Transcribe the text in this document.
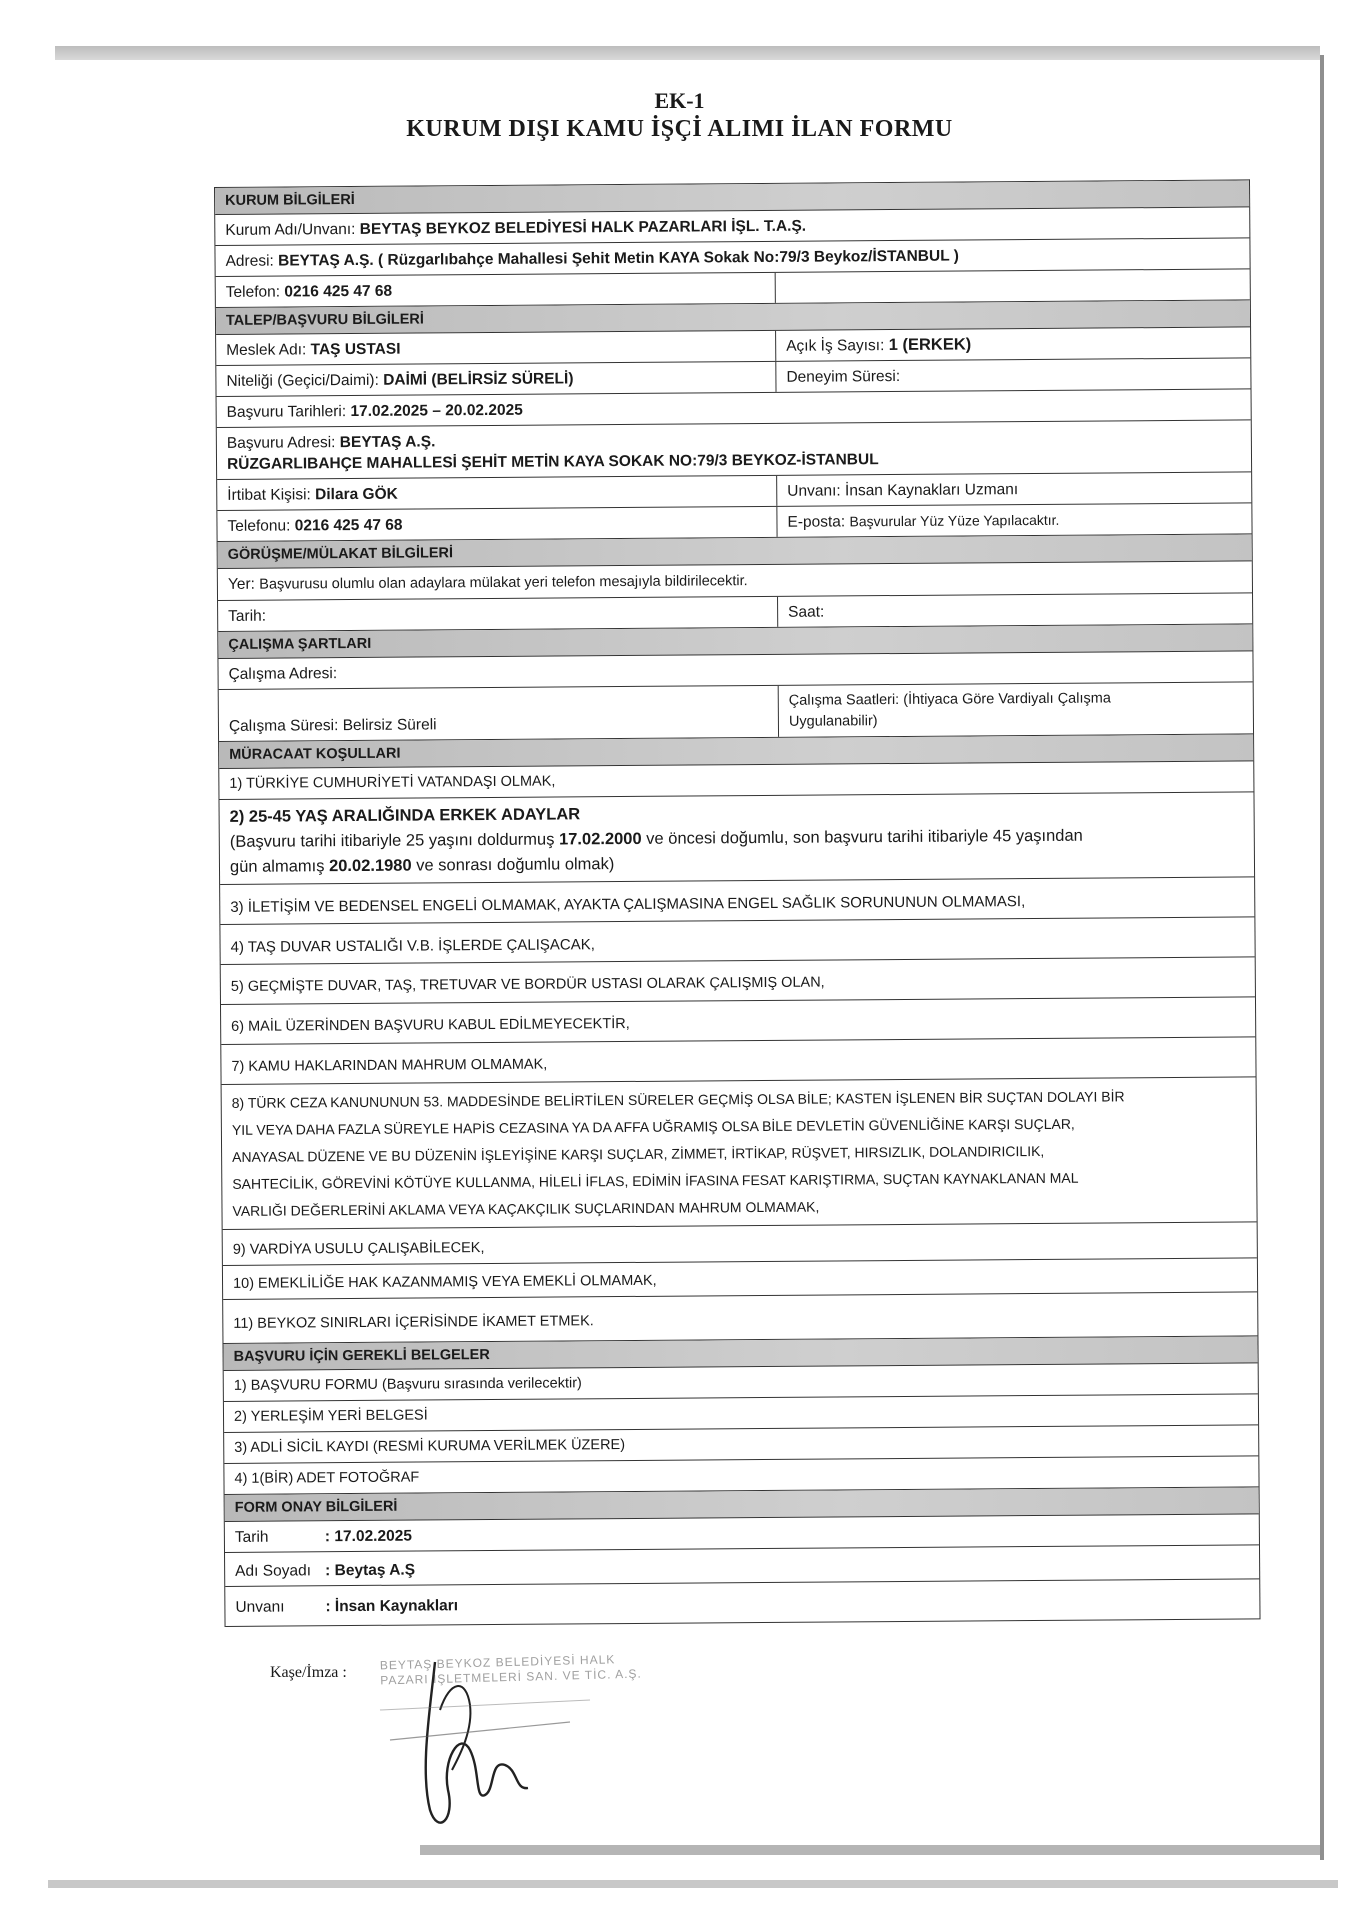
EK-1
KURUM DIŞI KAMU İŞÇİ ALIMI İLAN FORMU
KURUM BİLGİLERİ
Kurum Adı/Unvanı: BEYTAŞ BEYKOZ BELEDİYESİ HALK PAZARLARI İŞL. T.A.Ş.
Adresi: BEYTAŞ A.Ş. ( Rüzgarlıbahçe Mahallesi Şehit Metin KAYA Sokak No:79/3 Beykoz/İSTANBUL )
Telefon: 0216 425 47 68
TALEP/BAŞVURU BİLGİLERİ
Meslek Adı: TAŞ USTASI	Açık İş Sayısı: 1 (ERKEK)
Niteliği (Geçici/Daimi): DAİMİ (BELİRSİZ SÜRELİ)	Deneyim Süresi:
Başvuru Tarihleri: 17.02.2025 – 20.02.2025
Başvuru Adresi: BEYTAŞ A.Ş.
RÜZGARLIBAHÇE MAHALLESİ ŞEHİT METİN KAYA SOKAK NO:79/3 BEYKOZ-İSTANBUL
İrtibat Kişisi: Dilara GÖK	Unvanı: İnsan Kaynakları Uzmanı
Telefonu: 0216 425 47 68	E-posta: Başvurular Yüz Yüze Yapılacaktır.
GÖRÜŞME/MÜLAKAT BİLGİLERİ
Yer: Başvurusu olumlu olan adaylara mülakat yeri telefon mesajıyla bildirilecektir.
Tarih:	Saat:
ÇALIŞMA ŞARTLARI
Çalışma Adresi:
Çalışma Süresi: Belirsiz Süreli
Çalışma Saatleri: (İhtiyaca Göre Vardiyalı Çalışma
Uygulanabilir)
MÜRACAAT KOŞULLARI
1) TÜRKİYE CUMHURİYETİ VATANDAŞI OLMAK,
2) 25-45 YAŞ ARALIĞINDA ERKEK ADAYLAR
(Başvuru tarihi itibariyle 25 yaşını doldurmuş 17.02.2000 ve öncesi doğumlu, son başvuru tarihi itibariyle 45 yaşından
gün almamış 20.02.1980 ve sonrası doğumlu olmak)
3) İLETİŞİM VE BEDENSEL ENGELİ OLMAMAK, AYAKTA ÇALIŞMASINA ENGEL SAĞLIK SORUNUNUN OLMAMASI,
4) TAŞ DUVAR USTALIĞI V.B. İŞLERDE ÇALIŞACAK,
5) GEÇMİŞTE DUVAR, TAŞ, TRETUVAR VE BORDÜR USTASI OLARAK ÇALIŞMIŞ OLAN,
6) MAİL ÜZERİNDEN BAŞVURU KABUL EDİLMEYECEKTİR,
7) KAMU HAKLARINDAN MAHRUM OLMAMAK,
8) TÜRK CEZA KANUNUNUN 53. MADDESİNDE BELİRTİLEN SÜRELER GEÇMİŞ OLSA BİLE; KASTEN İŞLENEN BİR SUÇTAN DOLAYI BİR
YIL VEYA DAHA FAZLA SÜREYLE HAPİS CEZASINA YA DA AFFA UĞRAMIŞ OLSA BİLE DEVLETİN GÜVENLİĞİNE KARŞI SUÇLAR,
ANAYASAL DÜZENE VE BU DÜZENİN İŞLEYİŞİNE KARŞI SUÇLAR, ZİMMET, İRTİKAP, RÜŞVET, HIRSIZLIK, DOLANDIRICILIK,
SAHTECİLİK, GÖREVİNİ KÖTÜYE KULLANMA, HİLELİ İFLAS, EDİMİN İFASINA FESAT KARIŞTIRMA, SUÇTAN KAYNAKLANAN MAL
VARLIĞI DEĞERLERİNİ AKLAMA VEYA KAÇAKÇILIK SUÇLARINDAN MAHRUM OLMAMAK,
9) VARDİYA USULU ÇALIŞABİLECEK,
10) EMEKLİLİĞE HAK KAZANMAMIŞ VEYA EMEKLİ OLMAMAK,
11) BEYKOZ SINIRLARI İÇERİSİNDE İKAMET ETMEK.
BAŞVURU İÇİN GEREKLİ BELGELER
1) BAŞVURU FORMU (Başvuru sırasında verilecektir)
2) YERLEŞİM YERİ BELGESİ
3) ADLİ SİCİL KAYDI (RESMİ KURUMA VERİLMEK ÜZERE)
4) 1(BİR) ADET FOTOĞRAF
FORM ONAY BİLGİLERİ
Tarih	: 17.02.2025
Adı Soyadı : Beytaş A.Ş
Unvanı	: İnsan Kaynakları
Kaşe/İmza :
BEYTAŞ BEYKOZ BELEDİYESİ HALK
PAZARI İŞLETMELERİ SAN. VE TİC. A.Ş.
